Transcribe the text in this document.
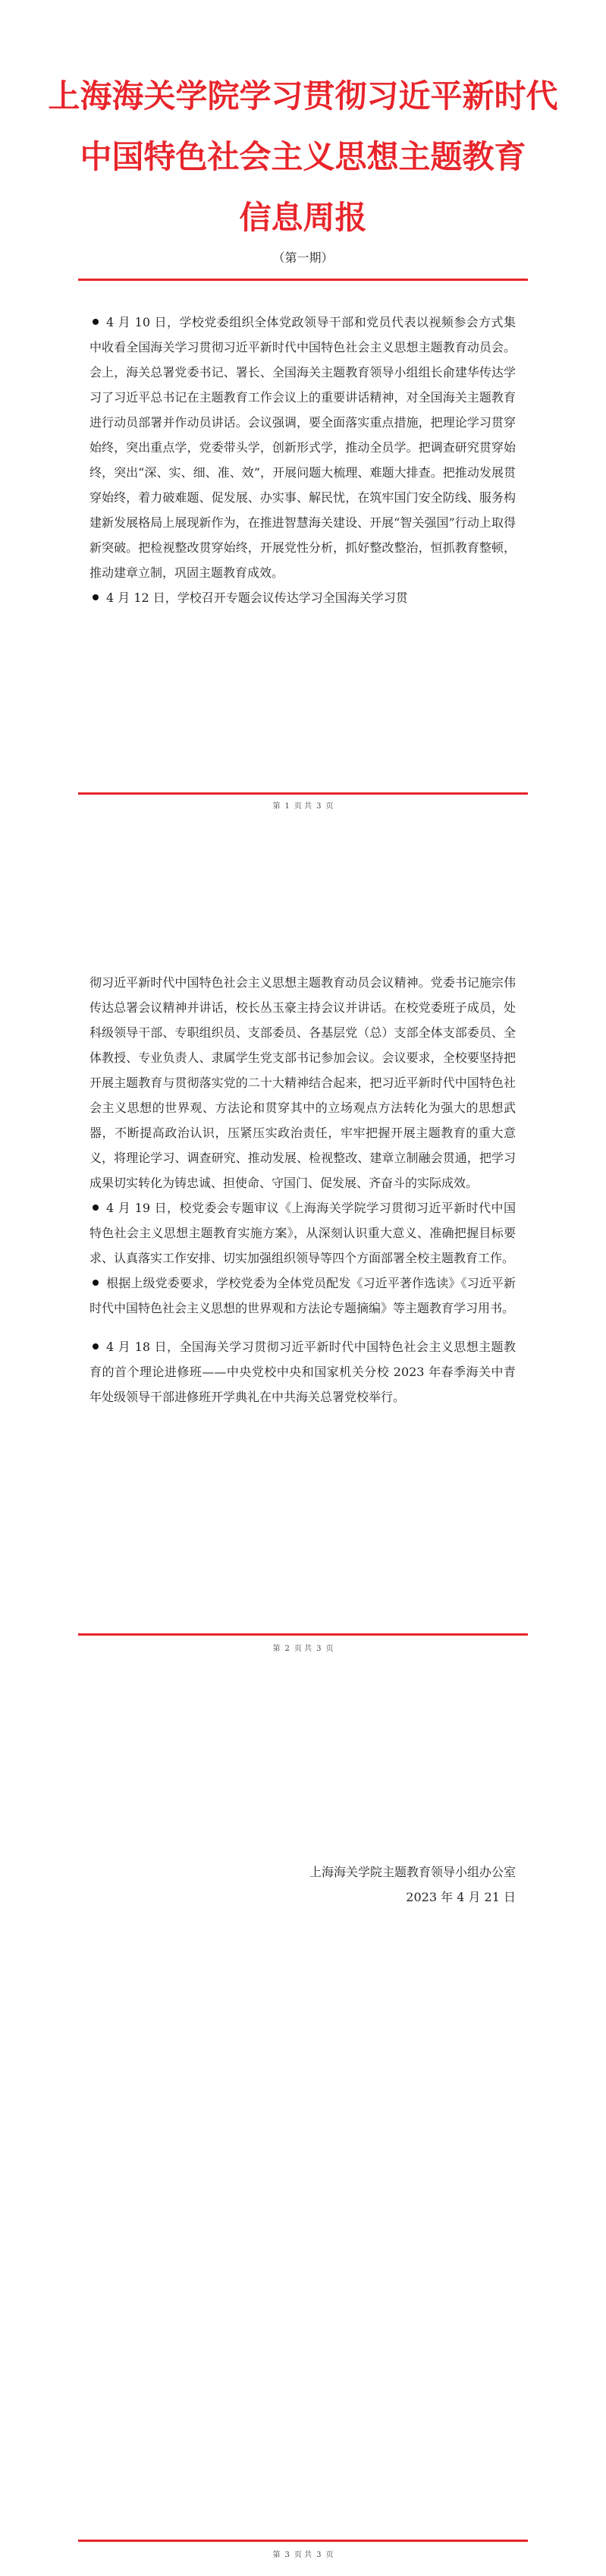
上海海关学院学习贯彻习近平新时代
中国特色社会主义思想主题教育
信息周报
（第一期）

4 月 10 日，学校党委组织全体党政领导干部和党员代表以视频参会方式集中收看全国海关学习贯彻习近平新时代中国特色社会主义思想主题教育动员会。会上，海关总署党委书记、署长、全国海关主题教育领导小组组长俞建华传达学习了习近平总书记在主题教育工作会议上的重要讲话精神，对全国海关主题教育进行动员部署并作动员讲话。会议强调，要全面落实重点措施，把理论学习贯穿始终，突出重点学，党委带头学，创新形式学，推动全员学。把调查研究贯穿始终，突出“深、实、细、准、效”，开展问题大梳理、难题大排查。把推动发展贯穿始终，着力破难题、促发展、办实事、解民忧，在筑牢国门安全防线、服务构建新发展格局上展现新作为，在推进智慧海关建设、开展“智关强国”行动上取得新突破。把检视整改贯穿始终，开展党性分析，抓好整改整治，恒抓教育整顿，推动建章立制，巩固主题教育成效。

4 月 12 日，学校召开专题会议传达学习全国海关学习贯

第 1 页 共 3 页

彻习近平新时代中国特色社会主义思想主题教育动员会议精神。党委书记施宗伟传达总署会议精神并讲话，校长丛玉豪主持会议并讲话。在校党委班子成员，处科级领导干部、专职组织员、支部委员、各基层党（总）支部全体支部委员、全体教授、专业负责人、隶属学生党支部书记参加会议。会议要求，全校要坚持把开展主题教育与贯彻落实党的二十大精神结合起来，把习近平新时代中国特色社会主义思想的世界观、方法论和贯穿其中的立场观点方法转化为强大的思想武器，不断提高政治认识，压紧压实政治责任，牢牢把握开展主题教育的重大意义，将理论学习、调查研究、推动发展、检视整改、建章立制融会贯通，把学习成果切实转化为铸忠诚、担使命、守国门、促发展、齐奋斗的实际成效。

4 月 19 日，校党委会专题审议《上海海关学院学习贯彻习近平新时代中国特色社会主义思想主题教育实施方案》，从深刻认识重大意义、准确把握目标要求、认真落实工作安排、切实加强组织领导等四个方面部署全校主题教育工作。

根据上级党委要求，学校党委为全体党员配发《习近平著作选读》《习近平新时代中国特色社会主义思想的世界观和方法论专题摘编》等主题教育学习用书。

4 月 18 日，全国海关学习贯彻习近平新时代中国特色社会主义思想主题教育的首个理论进修班——中央党校中央和国家机关分校 2023 年春季海关中青年处级领导干部进修班开学典礼在中共海关总署党校举行。

第 2 页 共 3 页
上海海关学院主题教育领导小组办公室
2023 年 4 月 21 日
第 3 页 共 3 页
